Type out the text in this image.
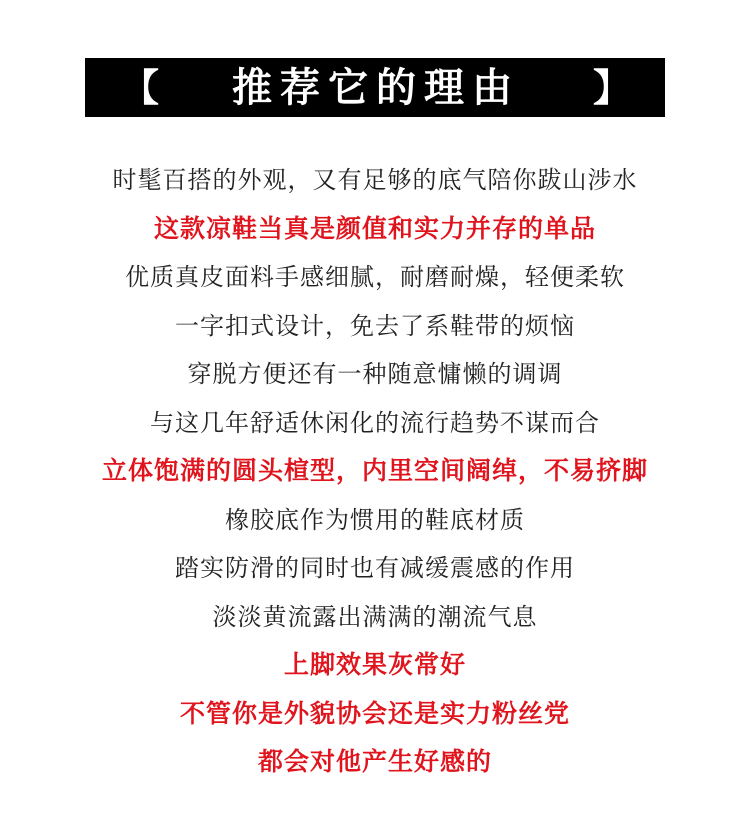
【 推荐它的理由 】
时髦百搭的外观，又有足够的底气陪你跋山涉水
这款凉鞋当真是颜值和实力并存的单品
优质真皮面料手感细腻，耐磨耐燥，轻便柔软
一字扣式设计，免去了系鞋带的烦恼
穿脱方便还有一种随意慵懒的调调
与这几年舒适休闲化的流行趋势不谋而合
立体饱满的圆头楦型，内里空间阔绰，不易挤脚
橡胶底作为惯用的鞋底材质
踏实防滑的同时也有减缓震感的作用
淡淡黄流露出满满的潮流气息
上脚效果灰常好
不管你是外貌协会还是实力粉丝党
都会对他产生好感的
